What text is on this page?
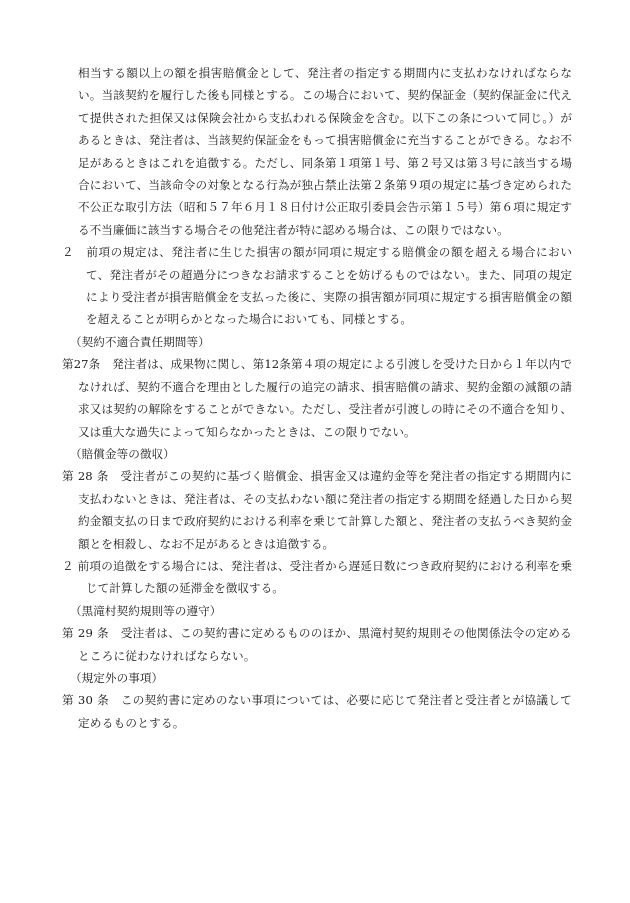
相当する額以上の額を損害賠償金として、発注者の指定する期間内に支払わなければならない。当該契約を履行した後も同様とする。この場合において、契約保証金（契約保証金に代えて提供された担保又は保険会社から支払われる保険金を含む。以下この条について同じ。）があるときは、発注者は、当該契約保証金をもって損害賠償金に充当することができる。なお不足があるときはこれを追徴する。ただし、同条第１項第１号、第２号又は第３号に該当する場合において、当該命令の対象となる行為が独占禁止法第２条第９項の規定に基づき定められた不公正な取引方法（昭和５７年６月１８日付け公正取引委員会告示第１５号）第６項に規定する不当廉価に該当する場合その他発注者が特に認める場合は、この限りではない。
２　前項の規定は、発注者に生じた損害の額が同項に規定する賠償金の額を超える場合において、発注者がその超過分につきなお請求することを妨げるものではない。また、同項の規定により受注者が損害賠償金を支払った後に、実際の損害額が同項に規定する損害賠償金の額を超えることが明らかとなった場合においても、同様とする。
（契約不適合責任期間等）
第27条　発注者は、成果物に関し、第12条第４項の規定による引渡しを受けた日から１年以内でなければ、契約不適合を理由とした履行の追完の請求、損害賠償の請求、契約金額の減額の請求又は契約の解除をすることができない。ただし、受注者が引渡しの時にその不適合を知り、又は重大な過失によって知らなかったときは、この限りでない。
（賠償金等の徴収）
第 28 条　受注者がこの契約に基づく賠償金、損害金又は違約金等を発注者の指定する期間内に支払わないときは、発注者は、その支払わない額に発注者の指定する期間を経過した日から契約金額支払の日まで政府契約における利率を乗じて計算した額と、発注者の支払うべき契約金額とを相殺し、なお不足があるときは追徴する。
２ 前項の追徴をする場合には、発注者は、受注者から遅延日数につき政府契約における利率を乗じて計算した額の延滞金を徴収する。
（黒滝村契約規則等の遵守）
第 29 条　受注者は、この契約書に定めるもののほか、黒滝村契約規則その他関係法令の定めるところに従わなければならない。
（規定外の事項）
第 30 条　この契約書に定めのない事項については、必要に応じて発注者と受注者とが協議して定めるものとする。
